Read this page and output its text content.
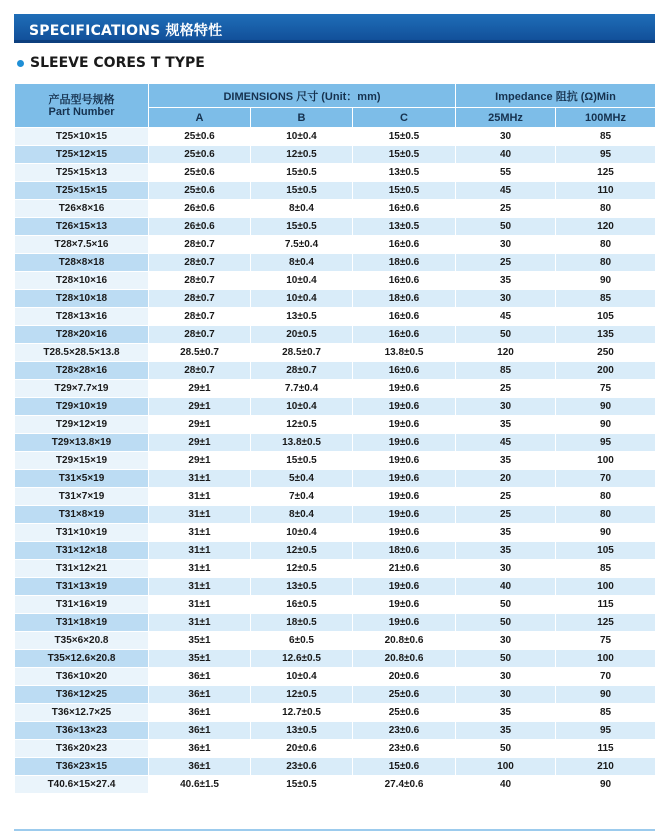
SPECIFICATIONS 规格特性
SLEEVE CORES T TYPE
产品型号规格
Part Number	DIMENSIONS 尺寸 (Unit：mm)			Impedance 阻抗 (Ω)Min	
	A	B	C	25MHz	100MHz
T25×10×15	25±0.6	10±0.4	15±0.5	30	85
T25×12×15	25±0.6	12±0.5	15±0.5	40	95
T25×15×13	25±0.6	15±0.5	13±0.5	55	125
T25×15×15	25±0.6	15±0.5	15±0.5	45	110
T26×8×16	26±0.6	8±0.4	16±0.6	25	80
T26×15×13	26±0.6	15±0.5	13±0.5	50	120
T28×7.5×16	28±0.7	7.5±0.4	16±0.6	30	80
T28×8×18	28±0.7	8±0.4	18±0.6	25	80
T28×10×16	28±0.7	10±0.4	16±0.6	35	90
T28×10×18	28±0.7	10±0.4	18±0.6	30	85
T28×13×16	28±0.7	13±0.5	16±0.6	45	105
T28×20×16	28±0.7	20±0.5	16±0.6	50	135
T28.5×28.5×13.8	28.5±0.7	28.5±0.7	13.8±0.5	120	250
T28×28×16	28±0.7	28±0.7	16±0.6	85	200
T29×7.7×19	29±1	7.7±0.4	19±0.6	25	75
T29×10×19	29±1	10±0.4	19±0.6	30	90
T29×12×19	29±1	12±0.5	19±0.6	35	90
T29×13.8×19	29±1	13.8±0.5	19±0.6	45	95
T29×15×19	29±1	15±0.5	19±0.6	35	100
T31×5×19	31±1	5±0.4	19±0.6	20	70
T31×7×19	31±1	7±0.4	19±0.6	25	80
T31×8×19	31±1	8±0.4	19±0.6	25	80
T31×10×19	31±1	10±0.4	19±0.6	35	90
T31×12×18	31±1	12±0.5	18±0.6	35	105
T31×12×21	31±1	12±0.5	21±0.6	30	85
T31×13×19	31±1	13±0.5	19±0.6	40	100
T31×16×19	31±1	16±0.5	19±0.6	50	115
T31×18×19	31±1	18±0.5	19±0.6	50	125
T35×6×20.8	35±1	6±0.5	20.8±0.6	30	75
T35×12.6×20.8	35±1	12.6±0.5	20.8±0.6	50	100
T36×10×20	36±1	10±0.4	20±0.6	30	70
T36×12×25	36±1	12±0.5	25±0.6	30	90
T36×12.7×25	36±1	12.7±0.5	25±0.6	35	85
T36×13×23	36±1	13±0.5	23±0.6	35	95
T36×20×23	36±1	20±0.6	23±0.6	50	115
T36×23×15	36±1	23±0.6	15±0.6	100	210
T40.6×15×27.4	40.6±1.5	15±0.5	27.4±0.6	40	90
